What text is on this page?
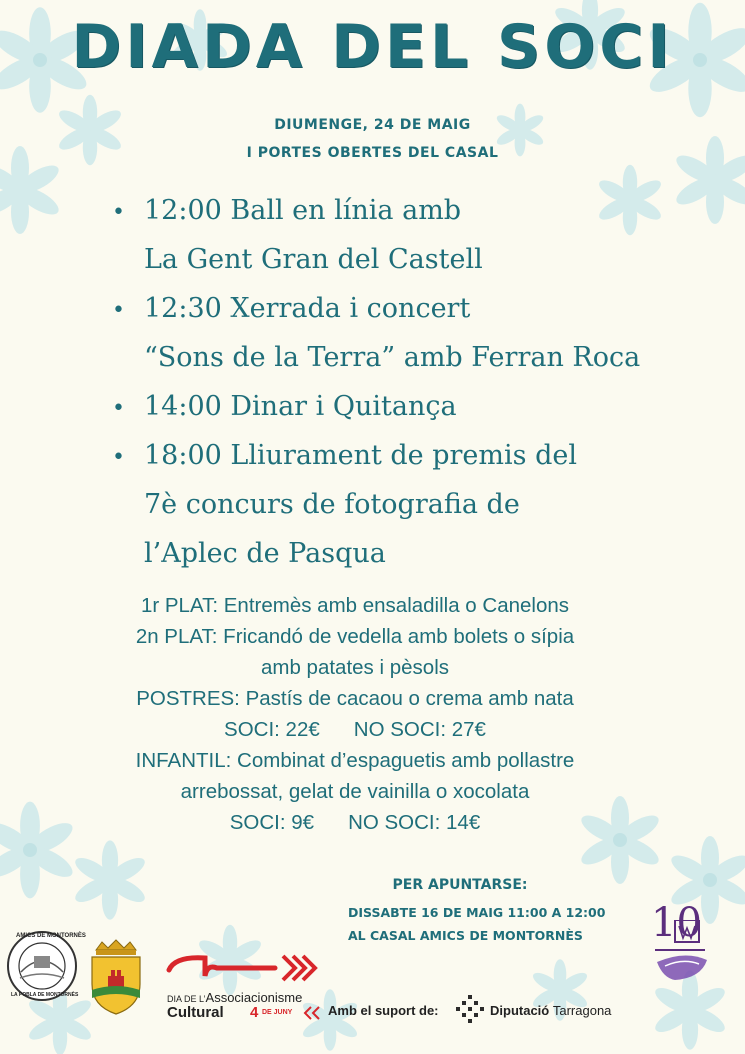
DIADA DEL SOCI
DIUMENGE, 24 DE MAIG
I PORTES OBERTES DEL CASAL
• 12:00 Ball en línia amb
La Gent Gran del Castell
• 12:30 Xerrada i concert
“Sons de la Terra” amb Ferran Roca
• 14:00 Dinar i Quitança
• 18:00 Lliurament de premis del
7è concurs de fotografia de
l’Aplec de Pasqua
1r PLAT: Entremès amb ensaladilla o Canelons
2n PLAT: Fricandó de vedella amb bolets o sípia
amb patates i pèsols
POSTRES: Pastís de cacaou o crema amb nata
SOCI: 22€ NO SOCI: 27€
INFANTIL: Combinat d’espaguetis amb pollastre
arrebossat, gelat de vainilla o xocolata
SOCI: 9€ NO SOCI: 14€
PER APUNTARSE:
DISSABTE 16 DE MAIG 11:00 A 12:00
AL CASAL AMICS DE MONTORNÈS
AMICS DE MONTORNÈS
LA POBLA DE MONTORNÈS	DIA DE L’Associacionisme
Cultural 4 DE JUNY	Amb el suport de:	Diputació Tarragona
10
